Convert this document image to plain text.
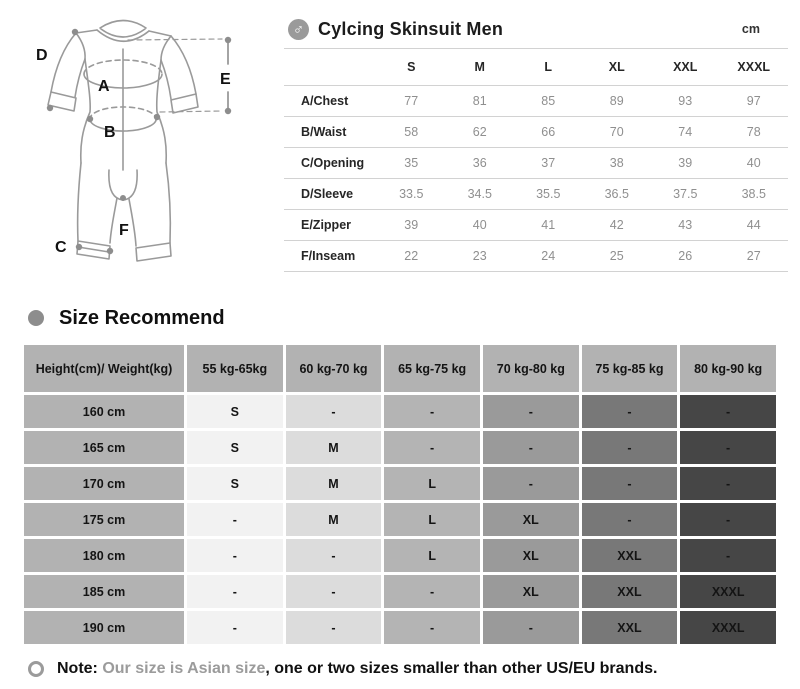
D
A
B
E
C
F
♂ Cylcing Skinsuit Men	cm
	S	M	L	XL	XXL	XXXL
A/Chest	77	81	85	89	93	97
B/Waist	58	62	66	70	74	78
C/Opening	35	36	37	38	39	40
D/Sleeve	33.5	34.5	35.5	36.5	37.5	38.5
E/Zipper	39	40	41	42	43	44
F/Inseam	22	23	24	25	26	27
Size Recommend
Height(cm)/ Weight(kg)	55 kg-65kg	60 kg-70 kg	65 kg-75 kg	70 kg-80 kg	75 kg-85 kg	80 kg-90 kg
160 cm	S	-	-	-	-	-
165 cm	S	M	-	-	-	-
170 cm	S	M	L	-	-	-
175 cm	-	M	L	XL	-	-
180 cm	-	-	L	XL	XXL	-
185 cm	-	-	-	XL	XXL	XXXL
190 cm	-	-	-	-	XXL	XXXL
Note: Our size is Asian size , one or two sizes smaller than other US/EU brands.
